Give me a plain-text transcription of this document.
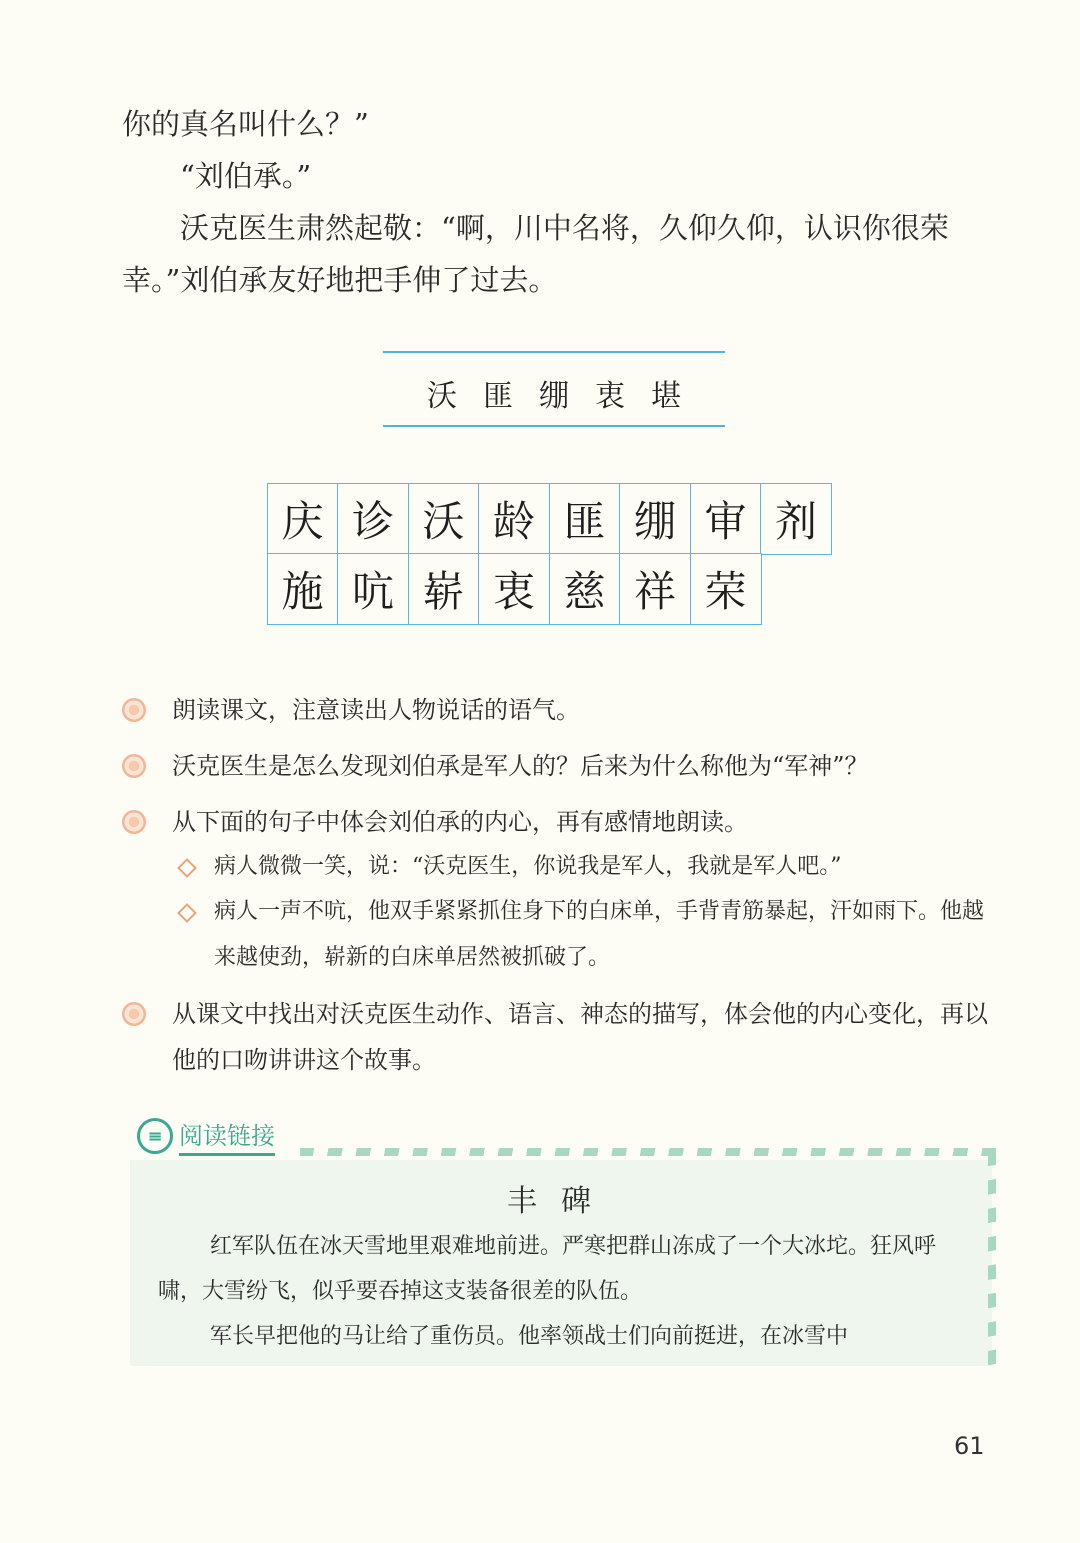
你的真名叫什么？”

“刘伯承。”

沃克医生肃然起敬：“啊，川中名将，久仰久仰，认识你很荣幸。”刘伯承友好地把手伸了过去。

沃 匪 绷 衷 堪
庆 诊 沃 龄 匪 绷 审 剂
施 吭 崭 衷 慈 祥 荣
朗读课文，注意读出人物说话的语气。
沃克医生是怎么发现刘伯承是军人的？后来为什么称他为“军神”？
从下面的句子中体会刘伯承的内心，再有感情地朗读。
病人微微一笑，说：“沃克医生，你说我是军人，我就是军人吧。”
病人一声不吭，他双手紧紧抓住身下的白床单，手背青筋暴起，汗如雨下。他越来越使劲，崭新的白床单居然被抓破了。
从课文中找出对沃克医生动作、语言、神态的描写，体会他的内心变化，再以他的口吻讲讲这个故事。
≡ 阅读链接
丰碑

红军队伍在冰天雪地里艰难地前进。严寒把群山冻成了一个大冰坨。狂风呼啸，大雪纷飞，似乎要吞掉这支装备很差的队伍。

军长早把他的马让给了重伤员。他率领战士们向前挺进，在冰雪中

61
